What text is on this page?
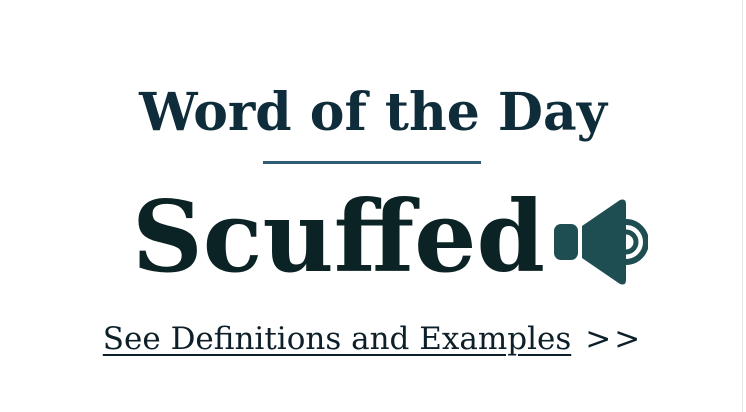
Word of the Day
Scuffed
See Definitions and Examples >>
